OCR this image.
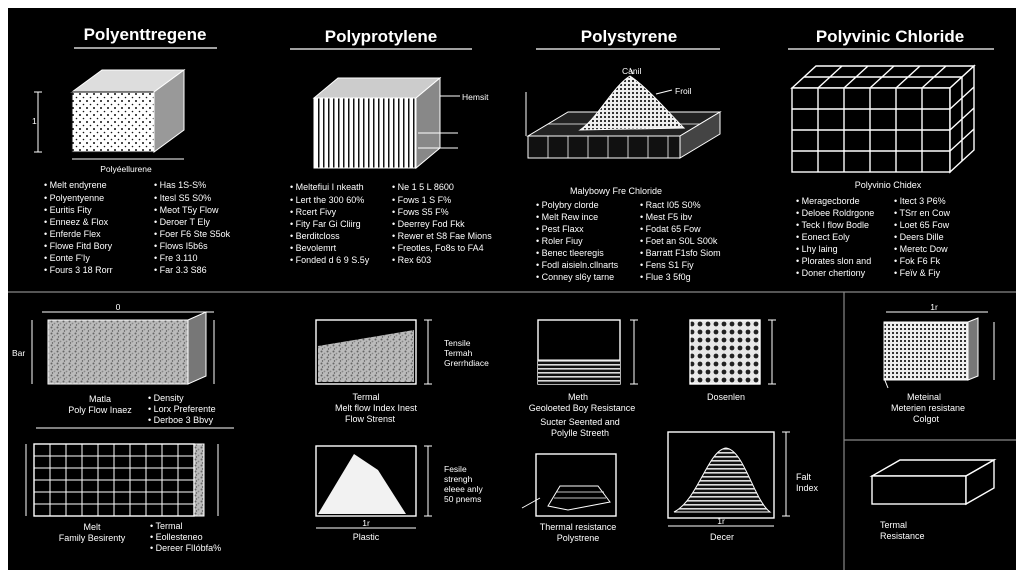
Polyenttregene
1
Polyéellurene
• Melt endyrene
• Polyentyenne
• Euritis Fity
• Enneez & Flox
• Enferde Flex
• Flowe Fitd Bory
• Eonte F'Iy
• Fours 3 18 Rorr
• Has 1S-S%
• Itesl S5 S0%
• Meot T5y Flow
• Deroer T Ely
• Foer F6 Ste S5ok
• Flows I5b6s
• Fre 3.110
• Far 3.3 S86
Polyprotylene
Hemsit
• Meltefiui I nkeath
• Lert the 300 60%
• Rcert Fivy
• Fity Far Gi Cliirg
• Berditcloss
• Bevolemrt
• Fonded d 6 9 S.5y
• Ne 1 5 L 8600
• Fows 1 S F%
• Fows S5 F%
• Deerrey Fod Fkk
• Rewer et S8 Fae Mions
• Freotles, Fo8s to FA4
• Rex 603
Polystyrene
Canil
Froil
Malybowy Fre Chloride
• Polybry clorde
• Melt Rew ince
• Pest Flaxx
• Roler Fiuy
• Benec tleeregis
• Fodl aisieln.cllnarts
• Conney sl6y tarne
• Ract I05 S0%
• Mest F5 ibv
• Fodat 65 Fow
• Foet an S0L S00k
• Barratt F1sfo Siom
• Fens S1 Fiy
• Flue 3 5f0g
Polyvinic Chloride
Polyvinio Chidex
• Meragecborde
• Deloee Roldrgone
• Teck I flow Bodle
• Eonect Eoly
• Lhy laing
• Plorates slon and
• Doner chertiony
• Itect 3 P6%
• TSrr en Cow
• Loet 65 Fow
• Deers Dille
• Meretc Dow
• Fok F6 Fk
• Feïv & Fiy
0
Bar
Matla
Poly Flow Inaez
• Density
• Lorx Preferente
• Derboe 3 Bbvy
Melt
Family Besirenty
• Termal
• Eollesteneo
• Dereer FlIóbfa%
Tensile
Termah
Grerrhdiace
Termal
Melt flow Index Inest
Flow Strenst
Fesile
strengh
eleee anly
50 pnems
1r
Plastic
Meth
Geoloeted Boy Resistance
Sucter Seented and
Polylle Streeth
Dosenlen
Thermal resistance
Polystrene
Falt
Index
1r
Decer
1r
Meteinal
Meterien resistane
Colgot
Termal
Resistance
